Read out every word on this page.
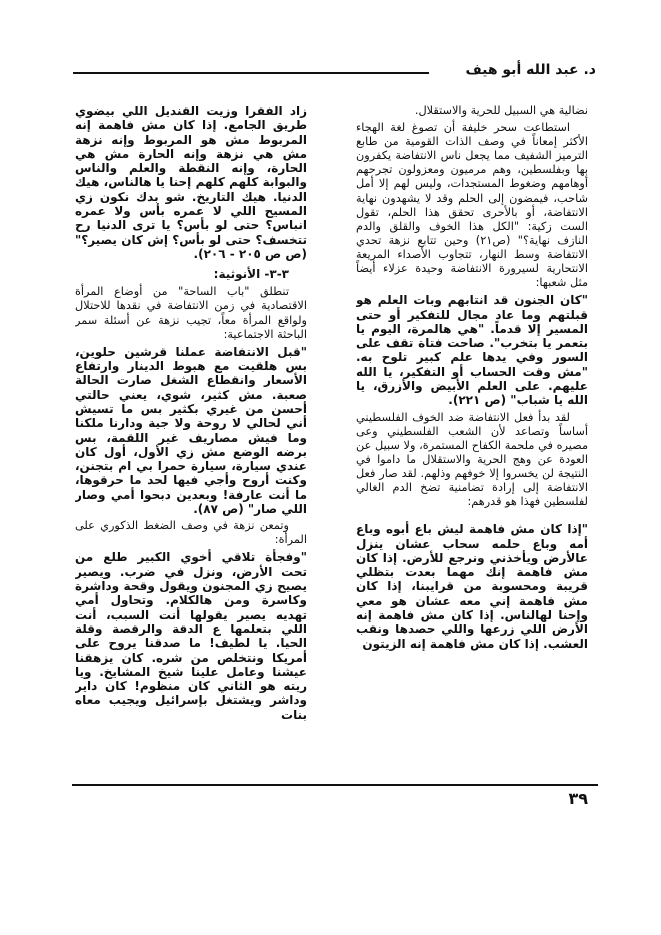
د. عبد الله أبو هيف

نضالية هي السبيل للحرية والاستقلال.

استطاعت سحر خليفة أن تصوغ لغة الهجاء الأكثر إمعاناً في وصف الذات القومية من طابع الترميز الشفيف مما يجعل ناس الانتفاضة يكفرون بها وبفلسطين، وهم مرميون ومعزولون تجرحهم أوهامهم وضغوط المستجدات، وليس لهم إلا أمل شاحب، فيمضون إلى الحلم وقد لا يشهدون نهاية الانتفاضة، أو بالأحرى تحقق هذا الحلم، تقول الست زكية: "الكل هذا الخوف والقلق والدم النازف نهاية؟" (ص٢١) وحين تتابع نزهة تحدي الانتفاضة وسط النهار، تتجاوب الأصداء المريعة الانتحارية لسيرورة الانتفاضة وحيدة عزلاء أيضاً مثل شعبها:

"كان الجنون قد انتابهم وبات العلم هو قبلتهم وما عاد مجال للتفكير أو حتى المسير إلا قدماً. "هي هالمرة، اليوم يا بتعمر يا بتخرب". صاحت فتاة تقف على السور وفي يدها علم كبير تلوح به. "مش وقت الحساب أو التفكير، يا الله عليهم. على العلم الأبيض والأزرق، يا الله يا شباب" (ص ٢٢١).

لقد بدأ فعل الانتفاضة ضد الخوف الفلسطيني أساساً وتصاعد لأن الشعب الفلسطيني وعى مصيره في ملحمة الكفاح المستمرة، ولا سبيل عن العودة عن وهج الحرية والاستقلال ما داموا في النتيجة لن يخسروا إلا خوفهم وذلهم. لقد صار فعل الانتفاضة إلى إرادة تضامنية تضخ الدم الغالي لفلسطين فهذا هو قدرهم:

"إذا كان مش فاهمة ليش باع أبوه وباع أمه وباع حلمه سحاب عشان ينزل عالأرض ويأخذني ونرجع للأرض. إذا كان مش فاهمة إنك مهما بعدت بتظلي قريبة ومحسوبة من قرايبنا، إذا كان مش فاهمة إني معه عشان هو معي وإحنا لهالناس. إذا كان مش فاهمة إنه الأرض اللي زرعها واللي حصدها ونقب العشب. إذا كان مش فاهمة إنه الزيتون

زاد الفقرا وزيت القنديل اللي بيضوي طريق الجامع. إذا كان مش فاهمة إنه المربوط مش هو المربوط وإنه نزهة مش هي نزهة وإنه الحارة مش هي الحارة، وإنه النقطة والعلم والناس والبوابة كلهم كلهم إحنا يا هالناس، هيك الدنيا. هيك التاريخ. شو بدك نكون زي المسيح اللي لا عمره بأس ولا عمره انباس؟ حتى لو بأس؟ يا ترى الدنيا رح تتخسف؟ حتى لو بأس؟ إش كان يصير؟" (ص ص ٢٠٥ - ٢٠٦).

٣-٣- الأنوثية:

تنطلق "باب الساحة" من أوضاع المرأة الاقتصادية في زمن الانتفاضة في نقدها للاحتلال ولواقع المرأة معاً، تجيب نزهة عن أسئلة سمر الباحثة الاجتماعية:

"قبل الانتفاضة عملنا قرشين حلوين، بس هلقيت مع هبوط الدينار وارتفاع الأسعار وانقطاع الشغل صارت الحالة صعبة. مش كثير، شوي، يعني حالتي أحسن من غيري بكثير بس ما تسيش أني لحالي لا روحة ولا جية ودارنا ملكنا وما فيش مصاريف غير اللقمة، بس برضه الوضع مش زي الأول، أول كان عندي سيارة، سيارة حمرا بي ام بتجنن، وكنت أروح وأجي فيها لحد ما حرقوها، ما أنت عارفة! وبعدين دبحوا أمي وصار اللي صار" (ص ٨٧).

وتمعن نزهة في وصف الضغط الذكوري على المرأة:

"وفجأة تلاقي أخوي الكبير طلع من تحت الأرض، ونزل في ضرب. ويصير يصيح زي المجنون ويقول وقحة وداشرة وكاسرة ومن هالكلام. وتحاول أمي تهديه يصير يقولها أنت السبب، أنت اللي بتعلمها ع الدقة والرقصة وقلة الحيا. يا لطيف! ما صدقنا يروح على أمريكا ونتخلص من شره. كان يزهقنا عيشنا وعامل علينا شيخ المشايخ. ويا ريته هو الثاني كان منظوم! كان داير وداشر ويشتغل بإسرائيل ويجيب معاه بنات

٣٩
